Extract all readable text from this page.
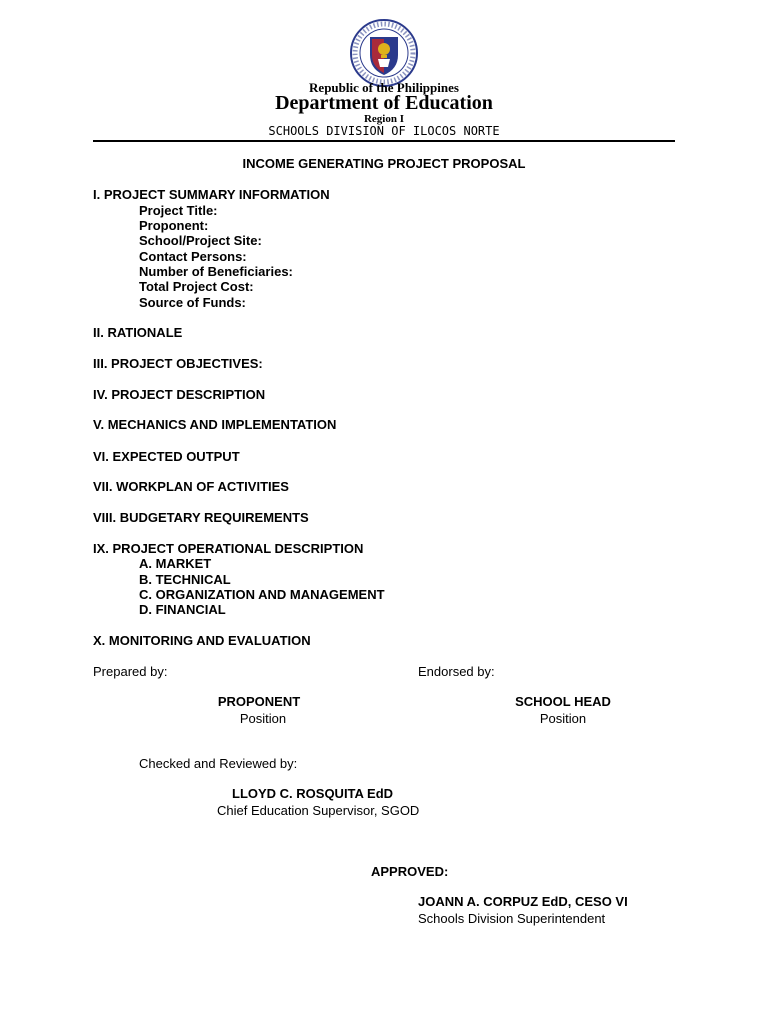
Republic of the Philippines
Department of Education
Region I
SCHOOLS DIVISION OF ILOCOS NORTE
INCOME GENERATING PROJECT PROPOSAL
I. PROJECT SUMMARY INFORMATION
Project Title:
Proponent:
School/Project Site:
Contact Persons:
Number of Beneficiaries:
Total Project Cost:
Source of Funds:
II. RATIONALE
III. PROJECT OBJECTIVES:
IV. PROJECT DESCRIPTION
V. MECHANICS AND IMPLEMENTATION
VI. EXPECTED OUTPUT
VII. WORKPLAN OF ACTIVITIES
VIII. BUDGETARY REQUIREMENTS
IX. PROJECT OPERATIONAL DESCRIPTION
A. MARKET
B. TECHNICAL
C. ORGANIZATION AND MANAGEMENT
D. FINANCIAL
X. MONITORING AND EVALUATION
Prepared by:	Endorsed by:
PROPONENT
Position
SCHOOL HEAD
Position
Checked and Reviewed by:
LLOYD C. ROSQUITA EdD
Chief Education Supervisor, SGOD
APPROVED:
JOANN A. CORPUZ EdD, CESO VI
Schools Division Superintendent
